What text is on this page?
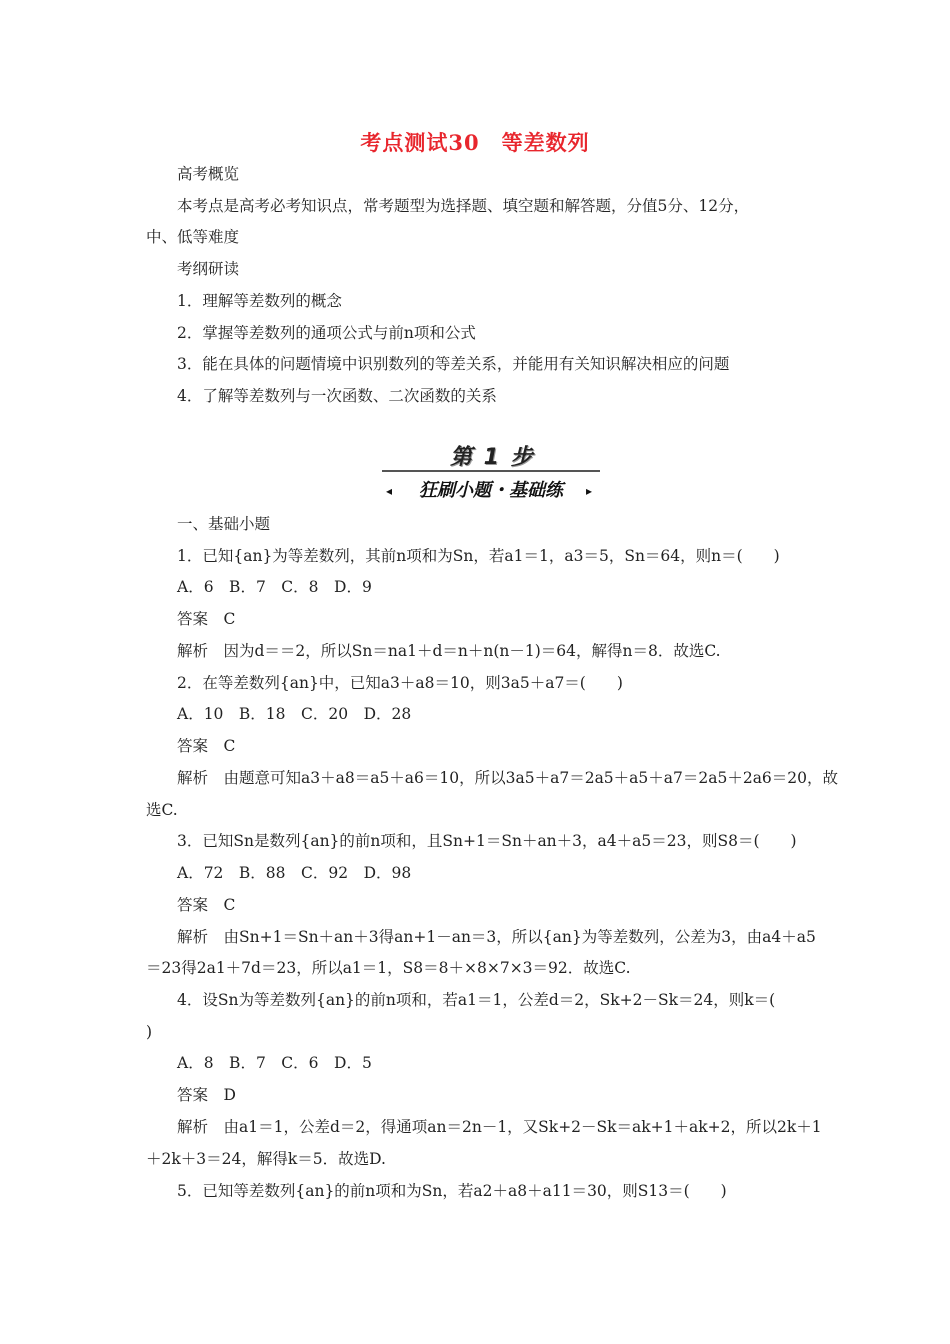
考点测试30　等差数列
高考概览
本考点是高考必考知识点，常考题型为选择题、填空题和解答题，分值5分、12分，
中、低等难度
考纲研读
1．理解等差数列的概念
2．掌握等差数列的通项公式与前n项和公式
3．能在具体的问题情境中识别数列的等差关系，并能用有关知识解决相应的问题
4．了解等差数列与一次函数、二次函数的关系
第 1 步
◂	狂刷小题・基础练	▸
一、基础小题
1．已知{an}为等差数列，其前n项和为Sn，若a1＝1，a3＝5，Sn＝64，则n＝(　　)
A．6　B．7　C．8　D．9
答案　C
解析　因为d＝＝2，所以Sn＝na1＋d＝n＋n(n－1)＝64，解得n＝8．故选C.
2．在等差数列{an}中，已知a3＋a8＝10，则3a5＋a7＝(　　)
A．10　B．18　C．20　D．28
答案　C
解析　由题意可知a3＋a8＝a5＋a6＝10，所以3a5＋a7＝2a5＋a5＋a7＝2a5＋2a6＝20，故
选C.
3．已知Sn是数列{an}的前n项和，且Sn+1＝Sn＋an＋3，a4＋a5＝23，则S8＝(　　)
A．72　B．88　C．92　D．98
答案　C
解析　由Sn+1＝Sn＋an＋3得an+1－an＝3，所以{an}为等差数列，公差为3，由a4＋a5
＝23得2a1＋7d＝23，所以a1＝1，S8＝8＋×8×7×3＝92．故选C.
4．设Sn为等差数列{an}的前n项和，若a1＝1，公差d＝2，Sk+2－Sk＝24，则k＝(
)
A．8　B．7　C．6　D．5
答案　D
解析　由a1＝1，公差d＝2，得通项an＝2n－1，又Sk+2－Sk＝ak+1＋ak+2，所以2k＋1
＋2k＋3＝24，解得k＝5．故选D.
5．已知等差数列{an}的前n项和为Sn，若a2＋a8＋a11＝30，则S13＝(　　)
